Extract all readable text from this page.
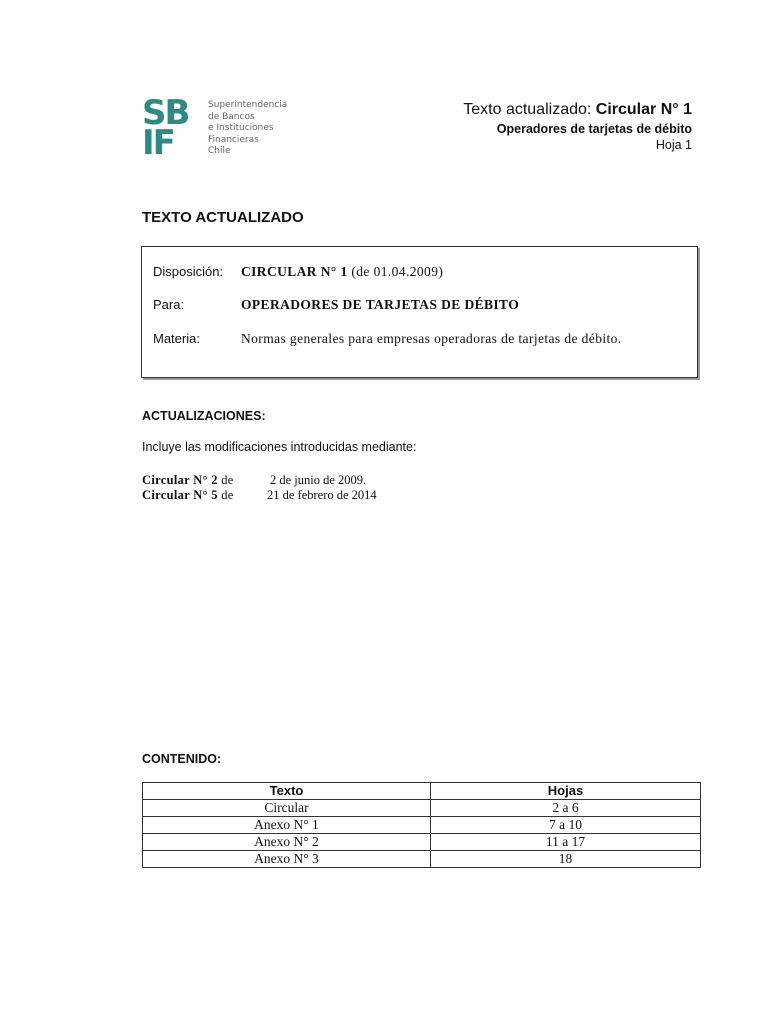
SB
IF
Superintendencia
de Bancos
e Instituciones
Financieras
Chile
Texto actualizado: Circular N° 1
Operadores de tarjetas de débito
Hoja 1
TEXTO ACTUALIZADO
Disposición:	CIRCULAR N° 1 (de 01.04.2009)
Para:	OPERADORES DE TARJETAS DE DÉBITO
Materia:	Normas generales para empresas operadoras de tarjetas de débito.
ACTUALIZACIONES:
Incluye las modificaciones introducidas mediante:
Circular N° 2 de	2 de junio de 2009.
Circular N° 5 de	21 de febrero de 2014
CONTENIDO:
Texto	Hojas
Circular	2 a 6
Anexo N° 1	7 a 10
Anexo N° 2	11 a 17
Anexo N° 3	18
